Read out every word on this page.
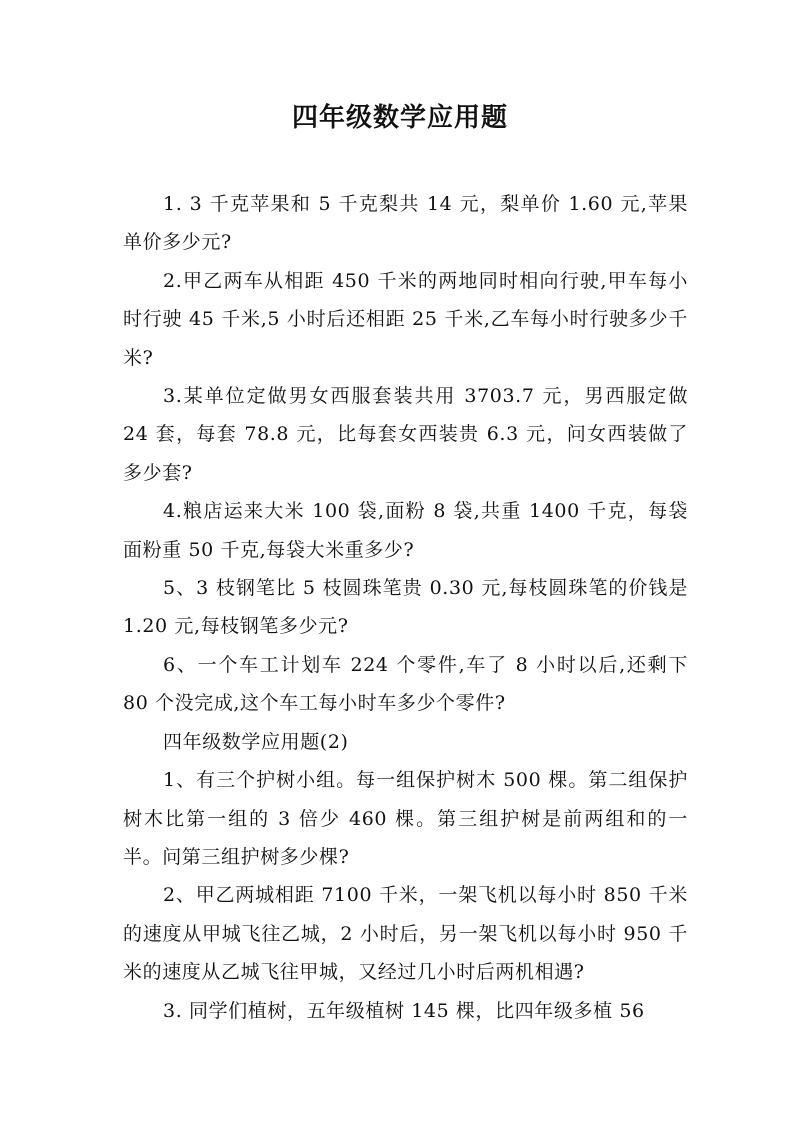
四年级数学应用题

1. 3 千克苹果和 5 千克梨共 14 元，梨单价 1.60 元,苹果单价多少元?

2.甲乙两车从相距 450 千米的两地同时相向行驶,甲车每小时行驶 45 千米,5 小时后还相距 25 千米,乙车每小时行驶多少千米?

3.某单位定做男女西服套装共用 3703.7 元，男西服定做 24 套，每套 78.8 元，比每套女西装贵 6.3 元，问女西装做了多少套?

4.粮店运来大米 100 袋,面粉 8 袋,共重 1400 千克，每袋面粉重 50 千克,每袋大米重多少?

5、3 枝钢笔比 5 枝圆珠笔贵 0.30 元,每枝圆珠笔的价钱是 1.20 元,每枝钢笔多少元?

6、一个车工计划车 224 个零件,车了 8 小时以后,还剩下 80 个没完成,这个车工每小时车多少个零件?

四年级数学应用题(2)

1、有三个护树小组。每一组保护树木 500 棵。第二组保护树木比第一组的 3 倍少 460 棵。第三组护树是前两组和的一半。问第三组护树多少棵?

2、甲乙两城相距 7100 千米，一架飞机以每小时 850 千米的速度从甲城飞往乙城，2 小时后，另一架飞机以每小时 950 千米的速度从乙城飞往甲城，又经过几小时后两机相遇?

3. 同学们植树，五年级植树 145 棵，比四年级多植 56
